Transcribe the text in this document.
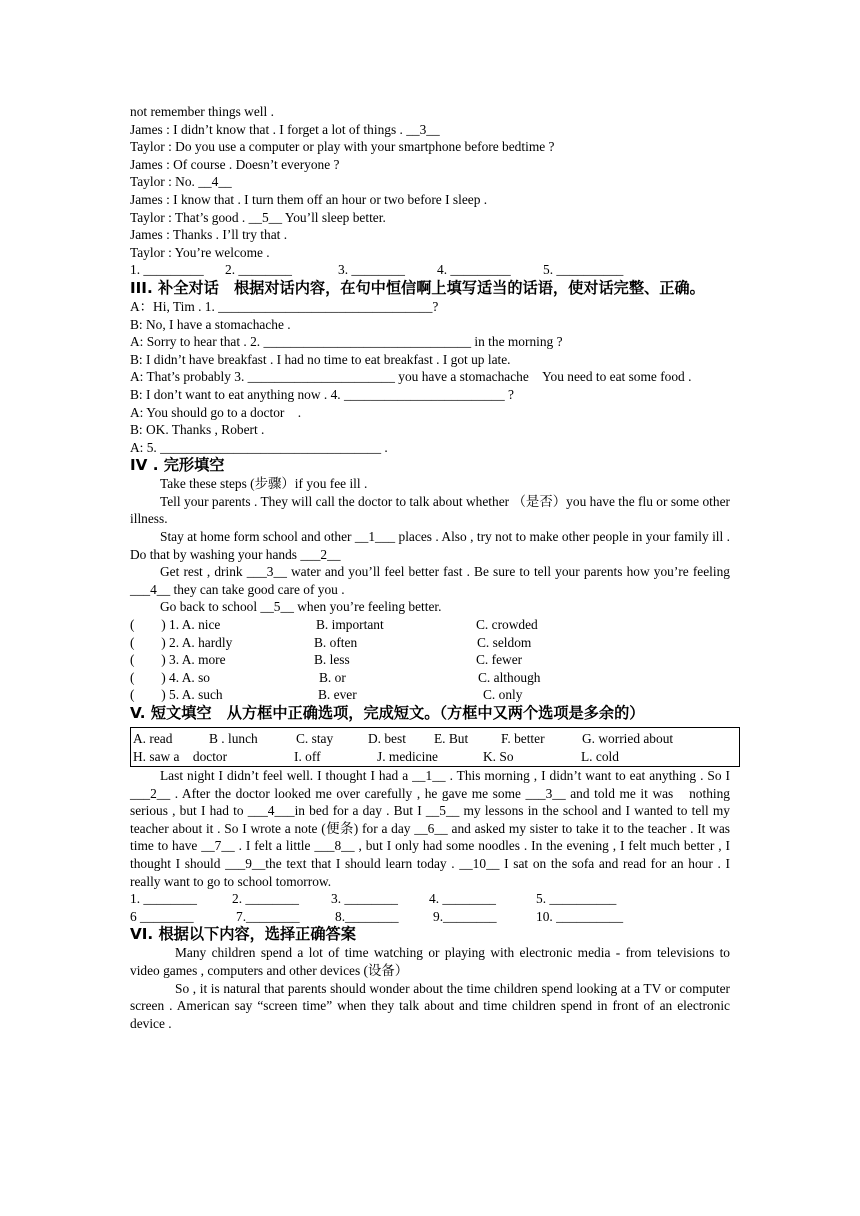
not remember things well .
James : I didn’t know that . I forget a lot of things . __3__
Taylor : Do you use a computer or play with your smartphone before bedtime ?
James : Of course . Doesn’t everyone ?
Taylor : No. __4__
James : I know that . I turn them off an hour or two before I sleep .
Taylor : That’s good . __5__ You’ll sleep better.
James : Thanks . I’ll try that .
Taylor : You’re welcome .
1. _________ 2. ________	3. ________ 4. _________ 5. __________
III. 补全对话　根据对话内容，在句中恒信啊上填写适当的话语，使对话完整、正确。
A：Hi, Tim . 1. ________________________________?
B: No, I have a stomachache .
A: Sorry to hear that . 2. _______________________________ in the morning ?
B: I didn’t have breakfast . I had no time to eat breakfast . I got up late.
A: That’s probably 3. ______________________ you have a stomachache　You need to eat some food .
B: I don’t want to eat anything now . 4. ________________________ ?
A: You should go to a doctor　.
B: OK. Thanks , Robert .
A: 5. _________________________________ .
IV . 完形填空
Take these steps (步骤）if you fee ill .
Tell your parents . They will call the doctor to talk about whether （是否）you have the flu or some other illness.
Stay at home form school and other __1___ places . Also , try not to make other people in your family ill . Do that by washing your hands ___2__
Get rest , drink ___3__ water and you’ll feel better fast . Be sure to tell your parents how you’re feeling ___4__ they can take good care of you .
Go back to school __5__ when you’re feeling better.
(　　) 1. A. nice	B. important	C. crowded
(　　) 2. A. hardly	B. often	C. seldom
(　　) 3. A. more	B. less	C. fewer
(　　) 4. A. so	B. or	C. although
(　　) 5. A. such	B. ever	C. only
V. 短文填空　从方框中正确选项，完成短文。（方框中又两个选项是多余的）
A. read	B . lunch	C. stay	D. best E. But F. better	G. worried about
H. saw a　doctor	I. off	J. medicine	K. So	L. cold
Last night I didn’t feel well. I thought I had a __1__ . This morning , I didn’t want to eat anything . So I ___2__ . After the doctor looked me over carefully , he gave me some ___3__ and told me it was　nothing serious , but I had to ___4___in bed for a day . But I __5__ my lessons in the school and I wanted to tell my teacher about it . So I wrote a note (便条) for a day __6__ and asked my sister to take it to the teacher . It was time to have __7__ . I felt a little ___8__ , but I only had some noodles . In the evening , I felt much better , I thought I should ___9__the text that I should learn today . __10__ I sat on the sofa and read for an hour . I really want to go to school tomorrow.
1. ________	2. ________ 3. ________ 4. ________	5. __________
6 ________	7.________	8.________	9.________	10. __________
VI. 根据以下内容，选择正确答案
Many children spend a lot of time watching or playing with electronic media - from televisions to video games , computers and other devices (设备）
So , it is natural that parents should wonder about the time children spend looking at a TV or computer screen . American say “screen time” when they talk about and time children spend in front of an electronic device .
